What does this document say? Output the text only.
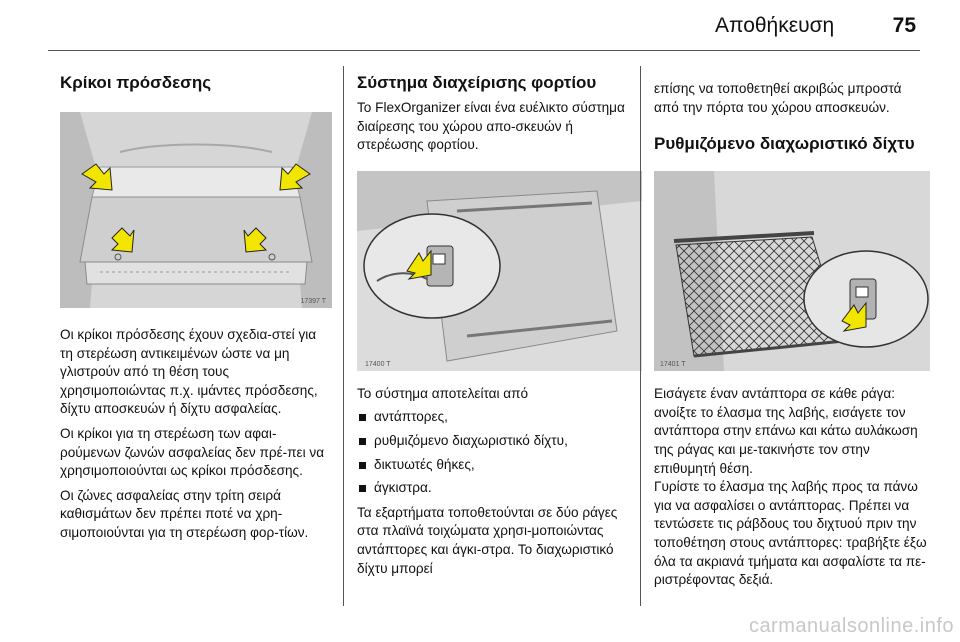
Αποθήκευση	75
Κρίκοι πρόσδεσης
17397 T

Οι κρίκοι πρόσδεσης έχουν σχεδια-στεί για τη στερέωση αντικειμένων ώστε να μη γλιστρούν από τη θέση τους χρησιμοποιώντας π.χ. ιμάντες πρόσδεσης, δίχτυ αποσκευών ή δίχτυ ασφαλείας.

Οι κρίκοι για τη στερέωση των αφαι-ρούμενων ζωνών ασφαλείας δεν πρέ-πει να χρησιμοποιούνται ως κρίκοι πρόσδεσης.

Οι ζώνες ασφαλείας στην τρίτη σειρά καθισμάτων δεν πρέπει ποτέ να χρη-σιμοποιούνται για τη στερέωση φορ-τίων.

Σύστημα διαχείρισης φορτίου

Το FlexOrganizer είναι ένα ευέλικτο σύστημα διαίρεσης του χώρου απο-σκευών ή στερέωσης φορτίου.

17400 T

Το σύστημα αποτελείται από

αντάπτορες,
ρυθμιζόμενο διαχωριστικό δίχτυ,
δικτυωτές θήκες,
άγκιστρα.

Τα εξαρτήματα τοποθετούνται σε δύο ράγες στα πλαϊνά τοιχώματα χρησι-μοποιώντας αντάπτορες και άγκι-στρα. Το διαχωριστικό δίχτυ μπορεί

επίσης να τοποθετηθεί ακριβώς μπροστά από την πόρτα του χώρου αποσκευών.

Ρυθμιζόμενο διαχωριστικό δίχτυ
17401 T

Εισάγετε έναν αντάπτορα σε κάθε ράγα: ανοίξτε το έλασμα της λαβής, εισάγετε τον αντάπτορα στην επάνω και κάτω αυλάκωση της ράγας και με-τακινήστε τον στην επιθυμητή θέση.

Γυρίστε το έλασμα της λαβής προς τα πάνω για να ασφαλίσει ο αντάπτορας. Πρέπει να τεντώσετε τις ράβδους του διχτυού πριν την τοποθέτηση στους αντάπτορες: τραβήξτε έξω όλα τα ακριανά τμήματα και ασφαλίστε τα πε-ριστρέφοντας δεξιά.

carmanualsonline.info
